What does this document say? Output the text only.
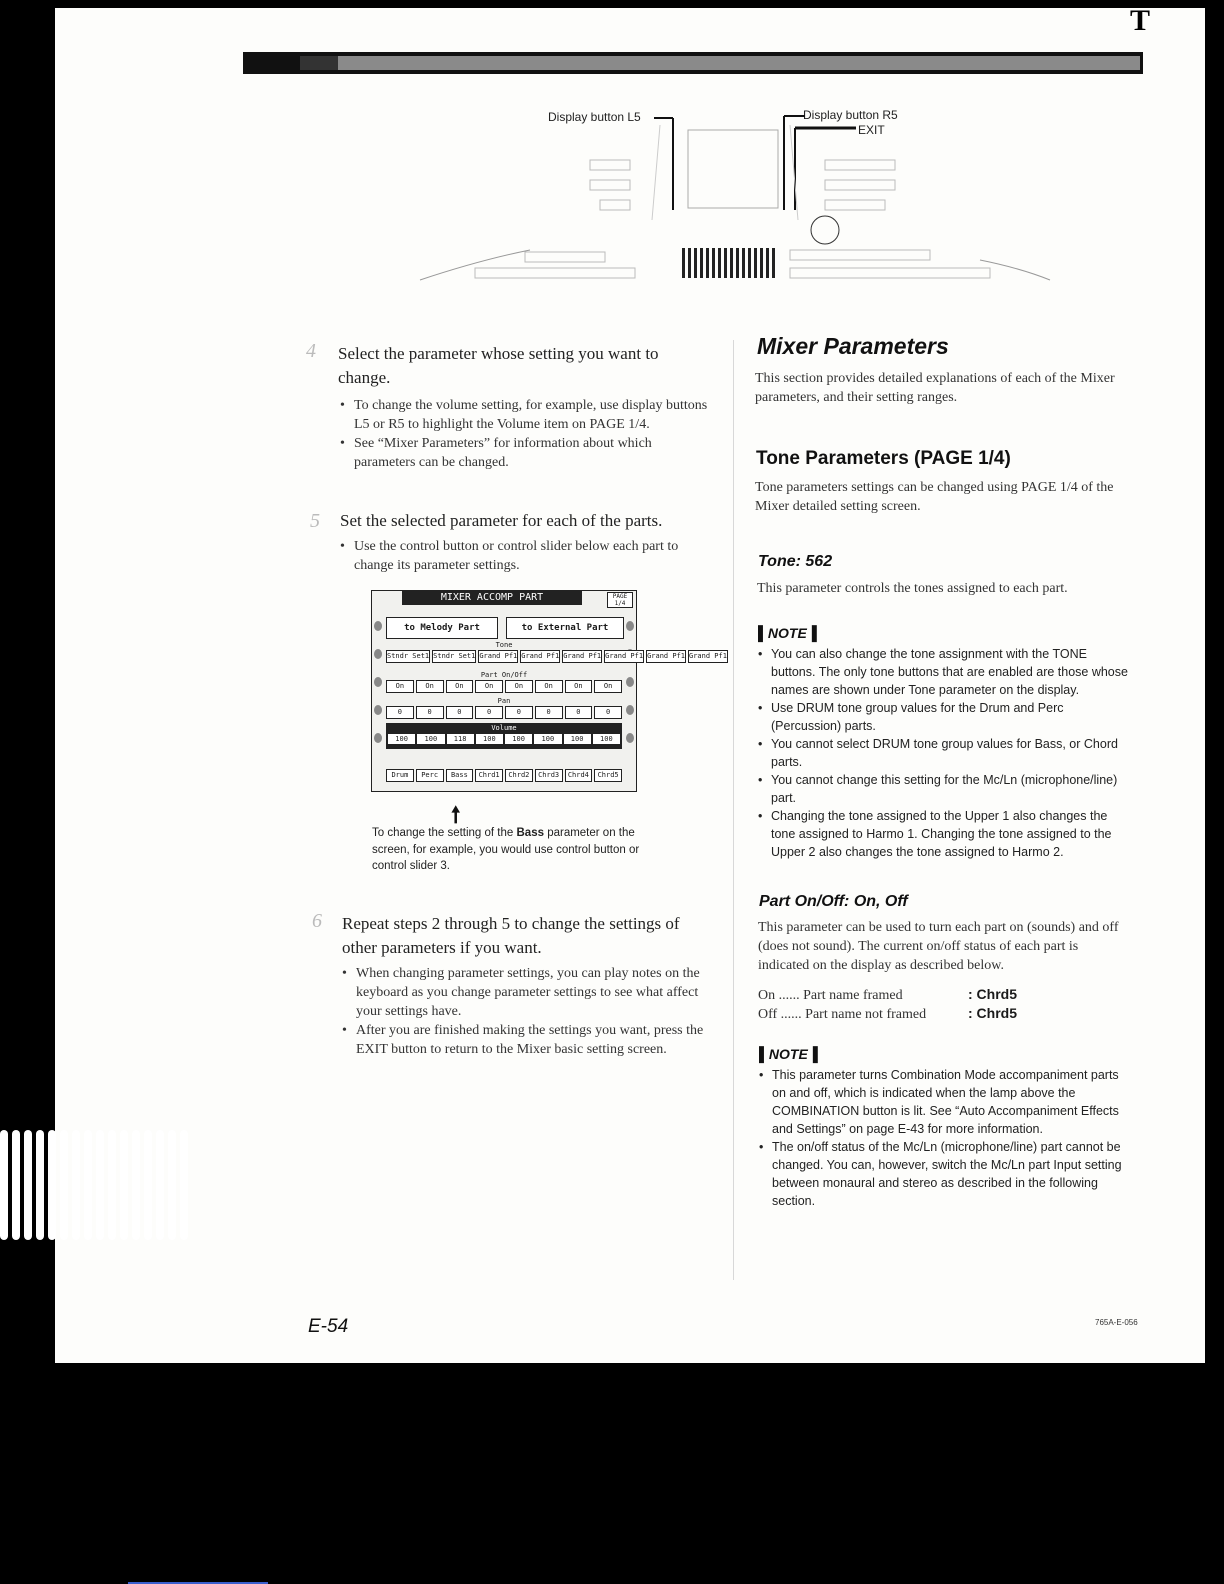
T
Display button L5	Display button R5
EXIT
4 Select the parameter whose setting you want to change.
• To change the volume setting, for example, use display buttons L5 or R5 to highlight the Volume item on PAGE 1/4.
• See “Mixer Parameters” for information about which parameters can be changed.
5 Set the selected parameter for each of the parts.
• Use the control button or control slider below each part to change its parameter settings.
MIXER ACCOMP PART	PAGE 1/4
to Melody Part	to External Part
Tone
Stndr Set1 Stndr Set1 Grand Pf1 Grand Pf1 Grand Pf1 Grand Pf1 Grand Pf1 Grand Pf1
Part On/Off
On	On	On	On	On	On	On	On
Pan
0	0	0	0	0	0	0	0
Volume
100	100	118	100	100	100	100	100
Drum	Perc	Bass	Chrd1	Chrd2	Chrd3	Chrd4	Chrd5
🠕
To change the setting of the Bass parameter on the screen, for example, you would use control button or control slider 3.
6 Repeat steps 2 through 5 to change the settings of other parameters if you want.
• When changing parameter settings, you can play notes on the keyboard as you change parameter settings to see what affect your settings have.
• After you are finished making the settings you want, press the EXIT button to return to the Mixer basic setting screen.
Mixer Parameters
This section provides detailed explanations of each of the Mixer parameters, and their setting ranges.
Tone Parameters (PAGE 1/4)
Tone parameters settings can be changed using PAGE 1/4 of the Mixer detailed setting screen.
Tone: 562
This parameter controls the tones assigned to each part.
▌NOTE▐
• You can also change the tone assignment with the TONE buttons. The only tone buttons that are enabled are those whose names are shown under Tone parameter on the display.
• Use DRUM tone group values for the Drum and Perc (Percussion) parts.
• You cannot select DRUM tone group values for Bass, or Chord parts.
• You cannot change this setting for the Mc/Ln (microphone/line) part.
• Changing the tone assigned to the Upper 1 also changes the tone assigned to Harmo 1. Changing the tone assigned to the Upper 2 also changes the tone assigned to Harmo 2.
Part On/Off: On, Off
This parameter can be used to turn each part on (sounds) and off (does not sound). The current on/off status of each part is indicated on the display as described below.
On ...... Part name framed	: Chrd5
Off ...... Part name not framed	: Chrd5
▌NOTE▐
• This parameter turns Combination Mode accompaniment parts on and off, which is indicated when the lamp above the COMBINATION button is lit. See “Auto Accompaniment Effects and Settings” on page E-43 for more information.
• The on/off status of the Mc/Ln (microphone/line) part cannot be changed. You can, however, switch the Mc/Ln part Input setting between monaural and stereo as described in the following section.
E-54	765A-E-056
